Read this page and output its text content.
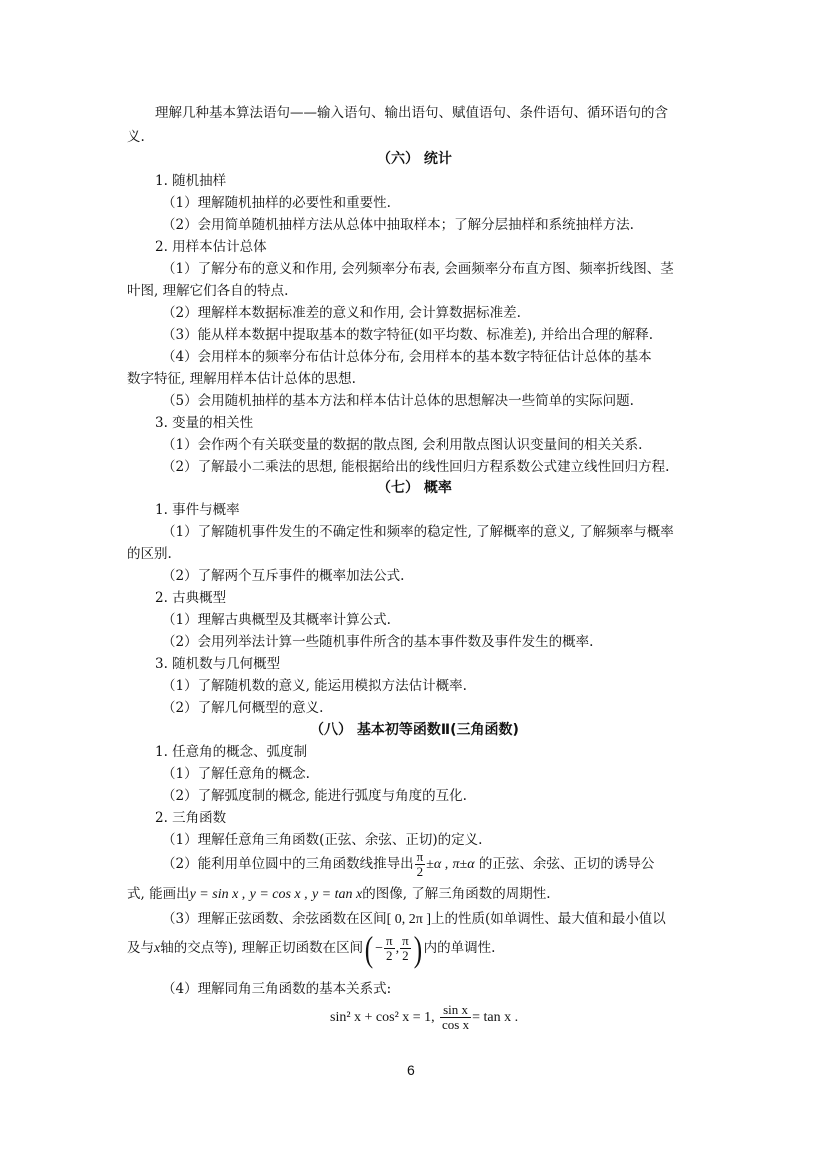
理解几种基本算法语句——输入语句、输出语句、赋值语句、条件语句、循环语句的含
义.
（六） 统计
1. 随机抽样
（1）理解随机抽样的必要性和重要性.
（2）会用简单随机抽样方法从总体中抽取样本；了解分层抽样和系统抽样方法.
2. 用样本估计总体
（1）了解分布的意义和作用, 会列频率分布表, 会画频率分布直方图、频率折线图、茎
叶图, 理解它们各自的特点.
（2）理解样本数据标准差的意义和作用, 会计算数据标准差.
（3）能从样本数据中提取基本的数字特征(如平均数、标准差), 并给出合理的解释.
（4）会用样本的频率分布估计总体分布, 会用样本的基本数字特征估计总体的基本
数字特征, 理解用样本估计总体的思想.
（5）会用随机抽样的基本方法和样本估计总体的思想解决一些简单的实际问题.
3. 变量的相关性
（1）会作两个有关联变量的数据的散点图, 会利用散点图认识变量间的相关关系.
（2）了解最小二乘法的思想, 能根据给出的线性回归方程系数公式建立线性回归方程.
（七） 概率
1. 事件与概率
（1）了解随机事件发生的不确定性和频率的稳定性, 了解概率的意义, 了解频率与概率
的区别.
（2）了解两个互斥事件的概率加法公式.
2. 古典概型
（1）理解古典概型及其概率计算公式.
（2）会用列举法计算一些随机事件所含的基本事件数及事件发生的概率.
3. 随机数与几何概型
（1）了解随机数的意义, 能运用模拟方法估计概率.
（2）了解几何概型的意义.
（八） 基本初等函数Ⅱ(三角函数)
1. 任意角的概念、弧度制
（1）了解任意角的概念.
（2）了解弧度制的概念, 能进行弧度与角度的互化.
2. 三角函数
（1）理解任意角三角函数(正弦、余弦、正切)的定义.
（2）能利用单位圆中的三角函数线推导出 $\frac{\pi}{2} \pm\alpha$ , π±α 的正弦、余弦、正切的诱导公
式, 能画出y = sin x , y = cos x , y = tan x的图像, 了解三角函数的周期性.
（3）理解正弦函数、余弦函数在区间[ 0, 2π ]上的性质(如单调性、最大值和最小值以
及与x轴的交点等), 理解正切函数在区间( − $\frac{\pi}{2}$ , $\frac{\pi}{2}$ ) 内的单调性.
（4）理解同角三角函数的基本关系式:
sin² x + cos² x = 1, $\frac{\text{sin x}}{\text{cos x}} = \tan x$ .
6
